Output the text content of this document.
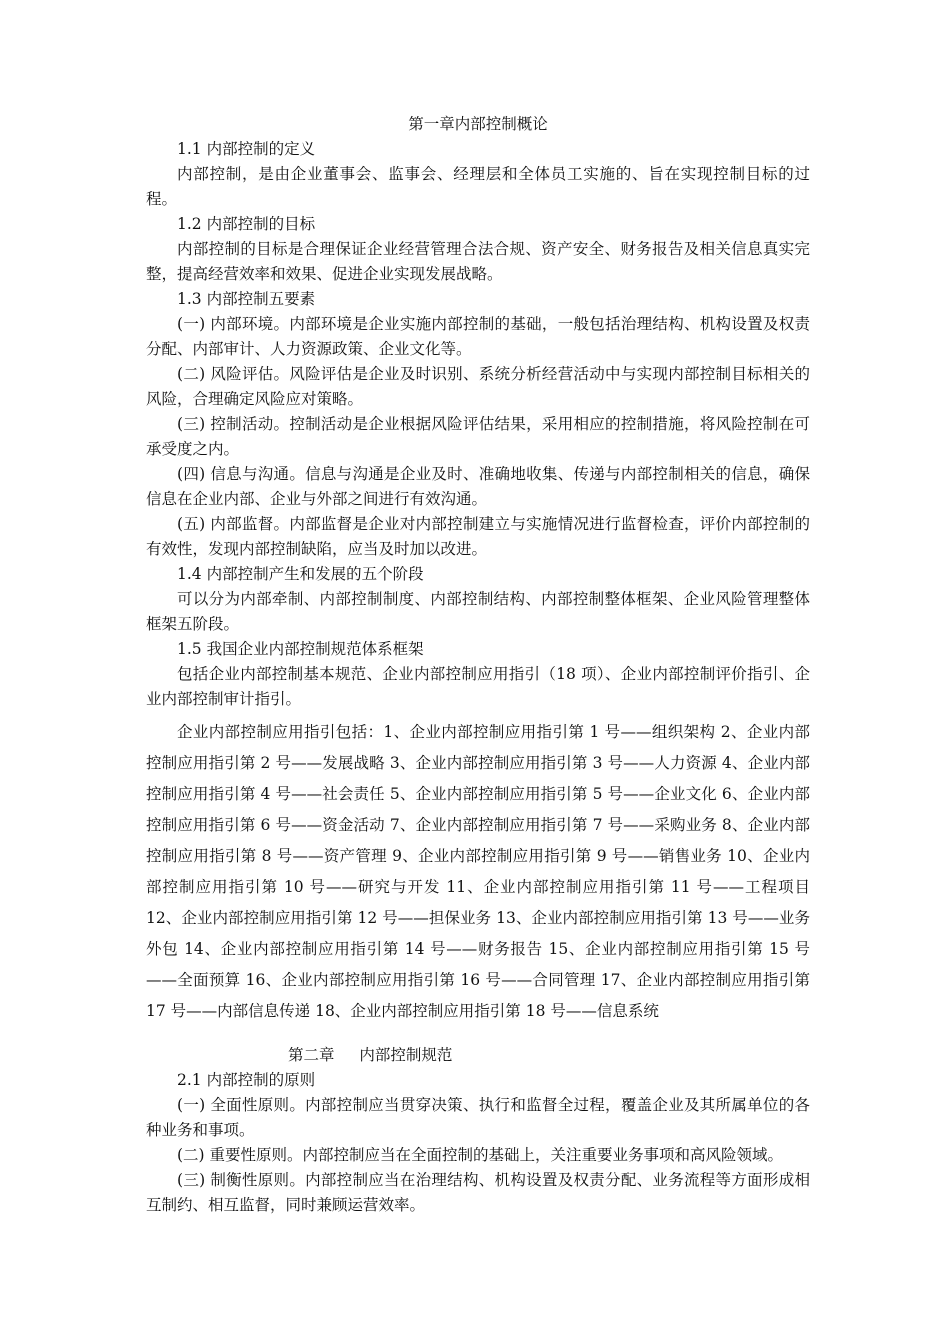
第一章内部控制概论

1.1 内部控制的定义

内部控制，是由企业董事会、监事会、经理层和全体员工实施的、旨在实现控制目标的过程。

1.2 内部控制的目标

内部控制的目标是合理保证企业经营管理合法合规、资产安全、财务报告及相关信息真实完整，提高经营效率和效果、促进企业实现发展战略。

1.3 内部控制五要素

(一) 内部环境。内部环境是企业实施内部控制的基础，一般包括治理结构、机构设置及权责分配、内部审计、人力资源政策、企业文化等。

(二) 风险评估。风险评估是企业及时识别、系统分析经营活动中与实现内部控制目标相关的风险，合理确定风险应对策略。

(三) 控制活动。控制活动是企业根据风险评估结果，采用相应的控制措施，将风险控制在可承受度之内。

(四) 信息与沟通。信息与沟通是企业及时、准确地收集、传递与内部控制相关的信息，确保信息在企业内部、企业与外部之间进行有效沟通。

(五) 内部监督。内部监督是企业对内部控制建立与实施情况进行监督检查，评价内部控制的有效性，发现内部控制缺陷，应当及时加以改进。

1.4 内部控制产生和发展的五个阶段

可以分为内部牵制、内部控制制度、内部控制结构、内部控制整体框架、企业风险管理整体框架五阶段。

1.5 我国企业内部控制规范体系框架

包括企业内部控制基本规范、企业内部控制应用指引（18 项）、企业内部控制评价指引、企业内部控制审计指引。

企业内部控制应用指引包括：1、企业内部控制应用指引第 1 号——组织架构 2、企业内部控制应用指引第 2 号——发展战略 3、企业内部控制应用指引第 3 号——人力资源 4、企业内部控制应用指引第 4 号——社会责任 5、企业内部控制应用指引第 5 号——企业文化 6、企业内部控制应用指引第 6 号——资金活动 7、企业内部控制应用指引第 7 号——采购业务 8、企业内部控制应用指引第 8 号——资产管理 9、企业内部控制应用指引第 9 号——销售业务 10、企业内部控制应用指引第 10 号——研究与开发 11、企业内部控制应用指引第 11 号——工程项目 12、企业内部控制应用指引第 12 号——担保业务 13、企业内部控制应用指引第 13 号——业务外包 14、企业内部控制应用指引第 14 号——财务报告 15、企业内部控制应用指引第 15 号——全面预算 16、企业内部控制应用指引第 16 号——合同管理 17、企业内部控制应用指引第 17 号——内部信息传递 18、企业内部控制应用指引第 18 号——信息系统

第二章 内部控制规范

2.1 内部控制的原则

(一) 全面性原则。内部控制应当贯穿决策、执行和监督全过程，覆盖企业及其所属单位的各种业务和事项。

(二) 重要性原则。内部控制应当在全面控制的基础上，关注重要业务事项和高风险领域。

(三) 制衡性原则。内部控制应当在治理结构、机构设置及权责分配、业务流程等方面形成相互制约、相互监督，同时兼顾运营效率。
